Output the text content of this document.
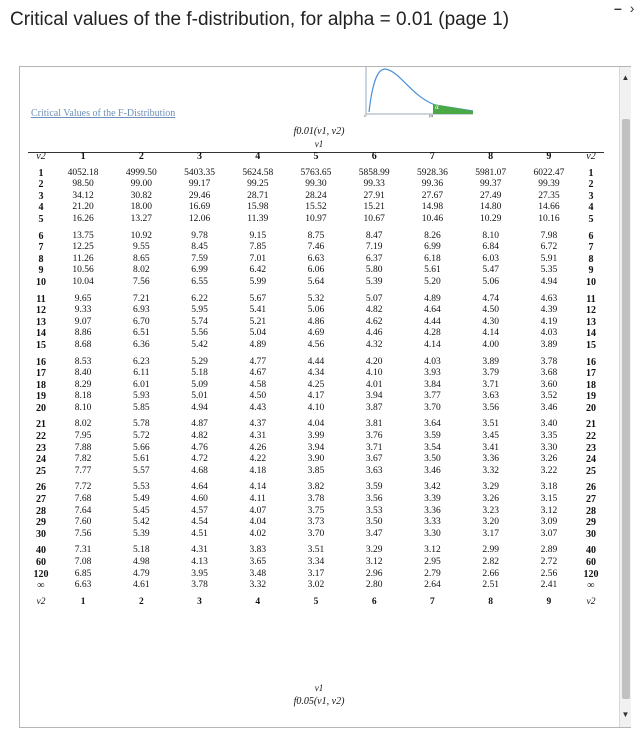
Critical values of the f-distribution, for alpha = 0.01 (page 1)
– ›
Critical Values of the F-Distribution
α
0	fα
f0.01(v1, v2)
v1
v2	1	2	3	4	5	6	7	8	9	v2

1	4052.18	4999.50	5403.35	5624.58	5763.65	5858.99	5928.36	5981.07	6022.47	1
2	98.50	99.00	99.17	99.25	99.30	99.33	99.36	99.37	99.39	2
3	34.12	30.82	29.46	28.71	28.24	27.91	27.67	27.49	27.35	3
4	21.20	18.00	16.69	15.98	15.52	15.21	14.98	14.80	14.66	4
5	16.26	13.27	12.06	11.39	10.97	10.67	10.46	10.29	10.16	5

6	13.75	10.92	9.78	9.15	8.75	8.47	8.26	8.10	7.98	6
7	12.25	9.55	8.45	7.85	7.46	7.19	6.99	6.84	6.72	7
8	11.26	8.65	7.59	7.01	6.63	6.37	6.18	6.03	5.91	8
9	10.56	8.02	6.99	6.42	6.06	5.80	5.61	5.47	5.35	9
10	10.04	7.56	6.55	5.99	5.64	5.39	5.20	5.06	4.94	10

11	9.65	7.21	6.22	5.67	5.32	5.07	4.89	4.74	4.63	11
12	9.33	6.93	5.95	5.41	5.06	4.82	4.64	4.50	4.39	12
13	9.07	6.70	5.74	5.21	4.86	4.62	4.44	4.30	4.19	13
14	8.86	6.51	5.56	5.04	4.69	4.46	4.28	4.14	4.03	14
15	8.68	6.36	5.42	4.89	4.56	4.32	4.14	4.00	3.89	15

16	8.53	6.23	5.29	4.77	4.44	4.20	4.03	3.89	3.78	16
17	8.40	6.11	5.18	4.67	4.34	4.10	3.93	3.79	3.68	17
18	8.29	6.01	5.09	4.58	4.25	4.01	3.84	3.71	3.60	18
19	8.18	5.93	5.01	4.50	4.17	3.94	3.77	3.63	3.52	19
20	8.10	5.85	4.94	4.43	4.10	3.87	3.70	3.56	3.46	20

21	8.02	5.78	4.87	4.37	4.04	3.81	3.64	3.51	3.40	21
22	7.95	5.72	4.82	4.31	3.99	3.76	3.59	3.45	3.35	22
23	7.88	5.66	4.76	4.26	3.94	3.71	3.54	3.41	3.30	23
24	7.82	5.61	4.72	4.22	3.90	3.67	3.50	3.36	3.26	24
25	7.77	5.57	4.68	4.18	3.85	3.63	3.46	3.32	3.22	25

26	7.72	5.53	4.64	4.14	3.82	3.59	3.42	3.29	3.18	26
27	7.68	5.49	4.60	4.11	3.78	3.56	3.39	3.26	3.15	27
28	7.64	5.45	4.57	4.07	3.75	3.53	3.36	3.23	3.12	28
29	7.60	5.42	4.54	4.04	3.73	3.50	3.33	3.20	3.09	29
30	7.56	5.39	4.51	4.02	3.70	3.47	3.30	3.17	3.07	30

40	7.31	5.18	4.31	3.83	3.51	3.29	3.12	2.99	2.89	40
60	7.08	4.98	4.13	3.65	3.34	3.12	2.95	2.82	2.72	60
120	6.85	4.79	3.95	3.48	3.17	2.96	2.79	2.66	2.56	120
∞	6.63	4.61	3.78	3.32	3.02	2.80	2.64	2.51	2.41	∞

v2	1	2	3	4	5	6	7	8	9	v2
v1
f0.05(v1, v2)
▲
▼
